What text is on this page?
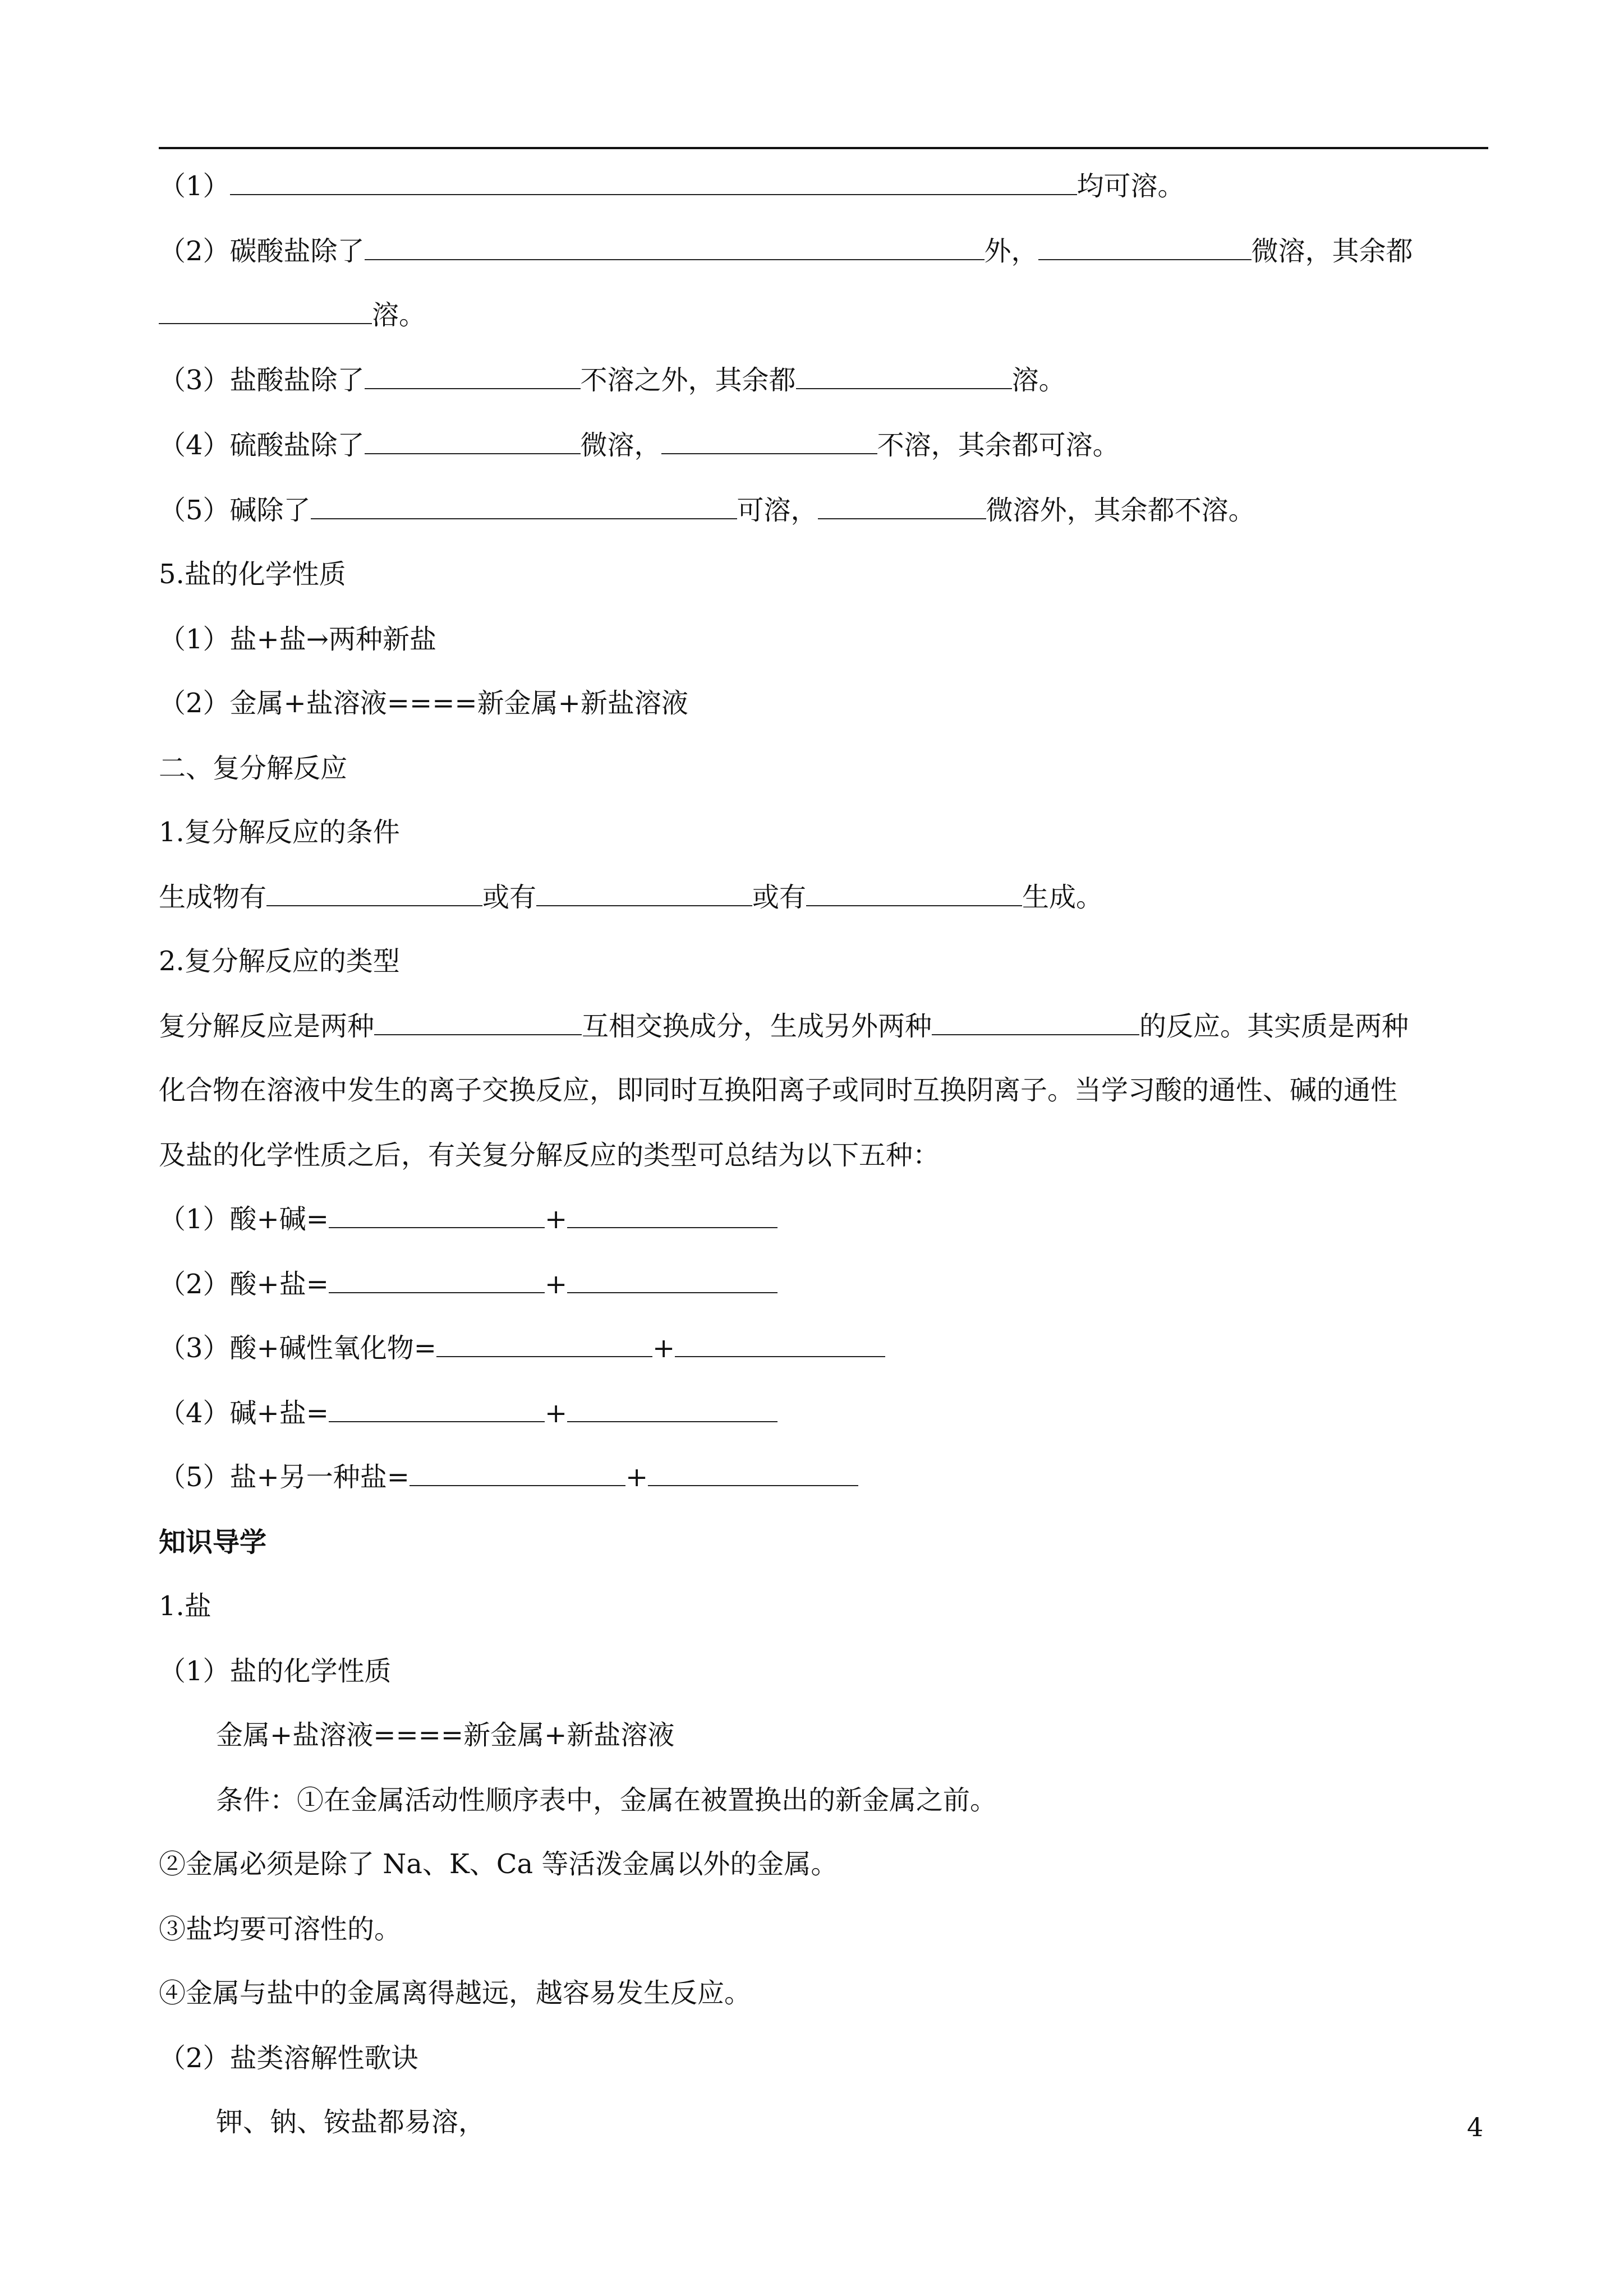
（1）	均可溶。
（2）碳酸盐除了	外，	微溶，其余都
溶。
（3）盐酸盐除了	不溶之外，其余都	溶。
（4）硫酸盐除了	微溶，	不溶，其余都可溶。
（5）碱除了	可溶，	微溶外，其余都不溶。
5.盐的化学性质
（1）盐+盐→两种新盐
（2）金属+盐溶液====新金属+新盐溶液
二、复分解反应
1.复分解反应的条件
生成物有	或有	或有	生成。
2.复分解反应的类型
复分解反应是两种	互相交换成分，生成另外两种	的反应。其实质是两种
化合物在溶液中发生的离子交换反应，即同时互换阳离子或同时互换阴离子。当学习酸的通性、碱的通性
及盐的化学性质之后，有关复分解反应的类型可总结为以下五种：
（1）酸+碱=	+
（2）酸+盐=	+
（3）酸+碱性氧化物=	+
（4）碱+盐=	+
（5）盐+另一种盐=	+
知识导学
1.盐
（1）盐的化学性质
金属+盐溶液====新金属+新盐溶液
条件：①在金属活动性顺序表中，金属在被置换出的新金属之前。
②金属必须是除了 Na、K、Ca 等活泼金属以外的金属。
③盐均要可溶性的。
④金属与盐中的金属离得越远，越容易发生反应。
（2）盐类溶解性歌诀
钾、钠、铵盐都易溶，	4
